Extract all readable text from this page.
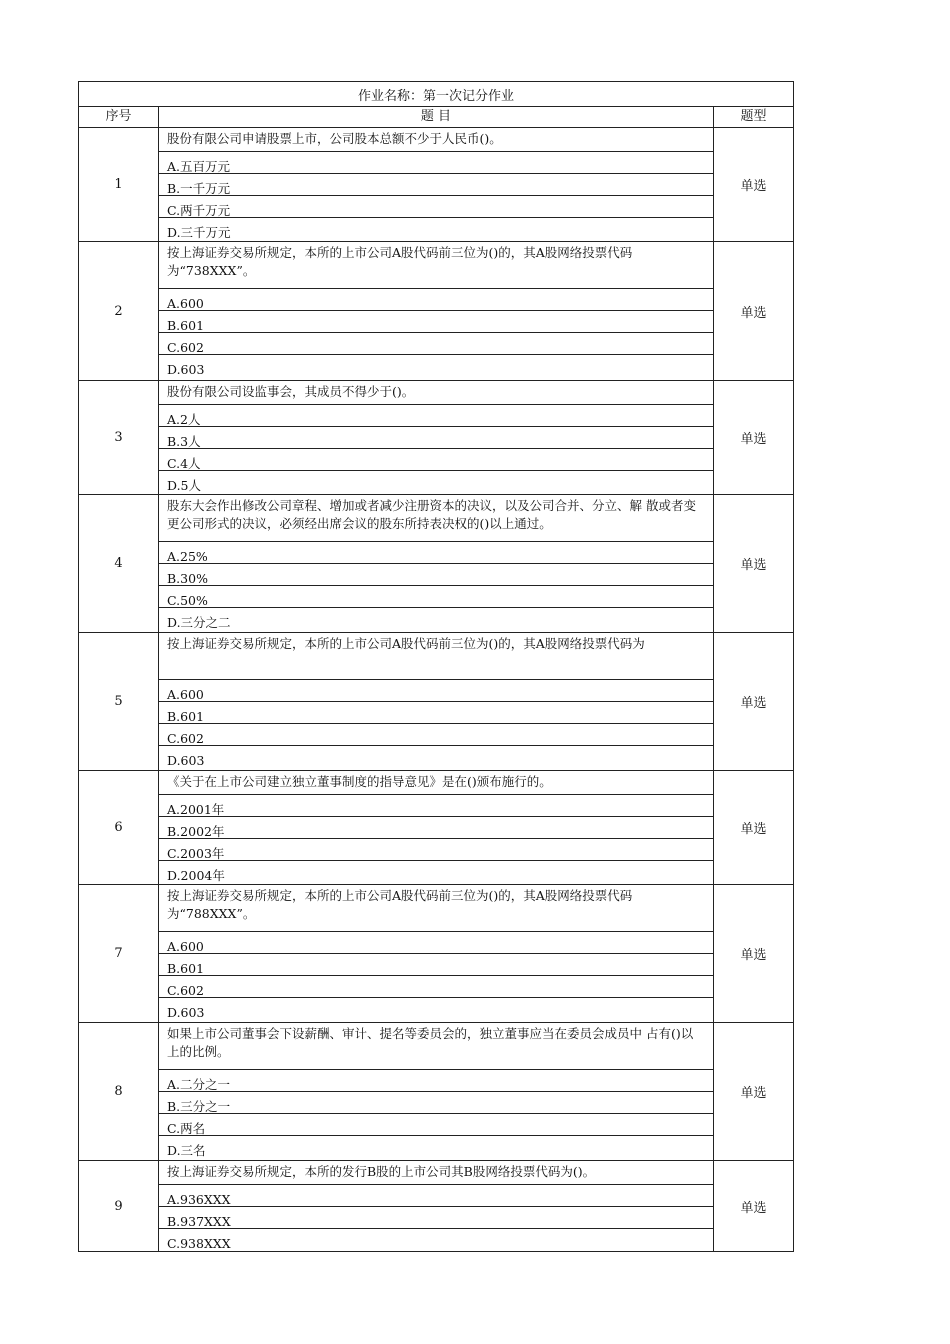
作业名称：第一次记分作业
序号	题 目	题型
1
股份有限公司申请股票上市，公司股本总额不少于人民币()。
A.五百万元
B.一千万元
C.两千万元
D.三千万元
单选
2
按上海证券交易所规定，本所的上市公司A股代码前三位为()的，其A股网络投票代码为“738XXX”。
A.600
B.601
C.602
D.603
单选
3
股份有限公司设监事会，其成员不得少于()。
A.2人
B.3人
C.4人
D.5人
单选
4
股东大会作出修改公司章程、增加或者减少注册资本的决议，以及公司合并、分立、解 散或者变更公司形式的决议，必须经出席会议的股东所持表决权的()以上通过。
A.25%
B.30%
C.50%
D.三分之二
单选
5
按上海证券交易所规定，本所的上市公司A股代码前三位为()的，其A股网络投票代码为
A.600
B.601
C.602
D.603
单选
6
《关于在上市公司建立独立董事制度的指导意见》是在()颁布施行的。
A.2001年
B.2002年
C.2003年
D.2004年
单选
7
按上海证券交易所规定，本所的上市公司A股代码前三位为()的，其A股网络投票代码为“788XXX”。
A.600
B.601
C.602
D.603
单选
8
如果上市公司董事会下设薪酬、审计、提名等委员会的，独立董事应当在委员会成员中 占有()以上的比例。
A.二分之一
B.三分之一
C.两名
D.三名
单选
9
按上海证券交易所规定，本所的发行B股的上市公司其B股网络投票代码为()。
A.936XXX
B.937XXX
C.938XXX
单选
